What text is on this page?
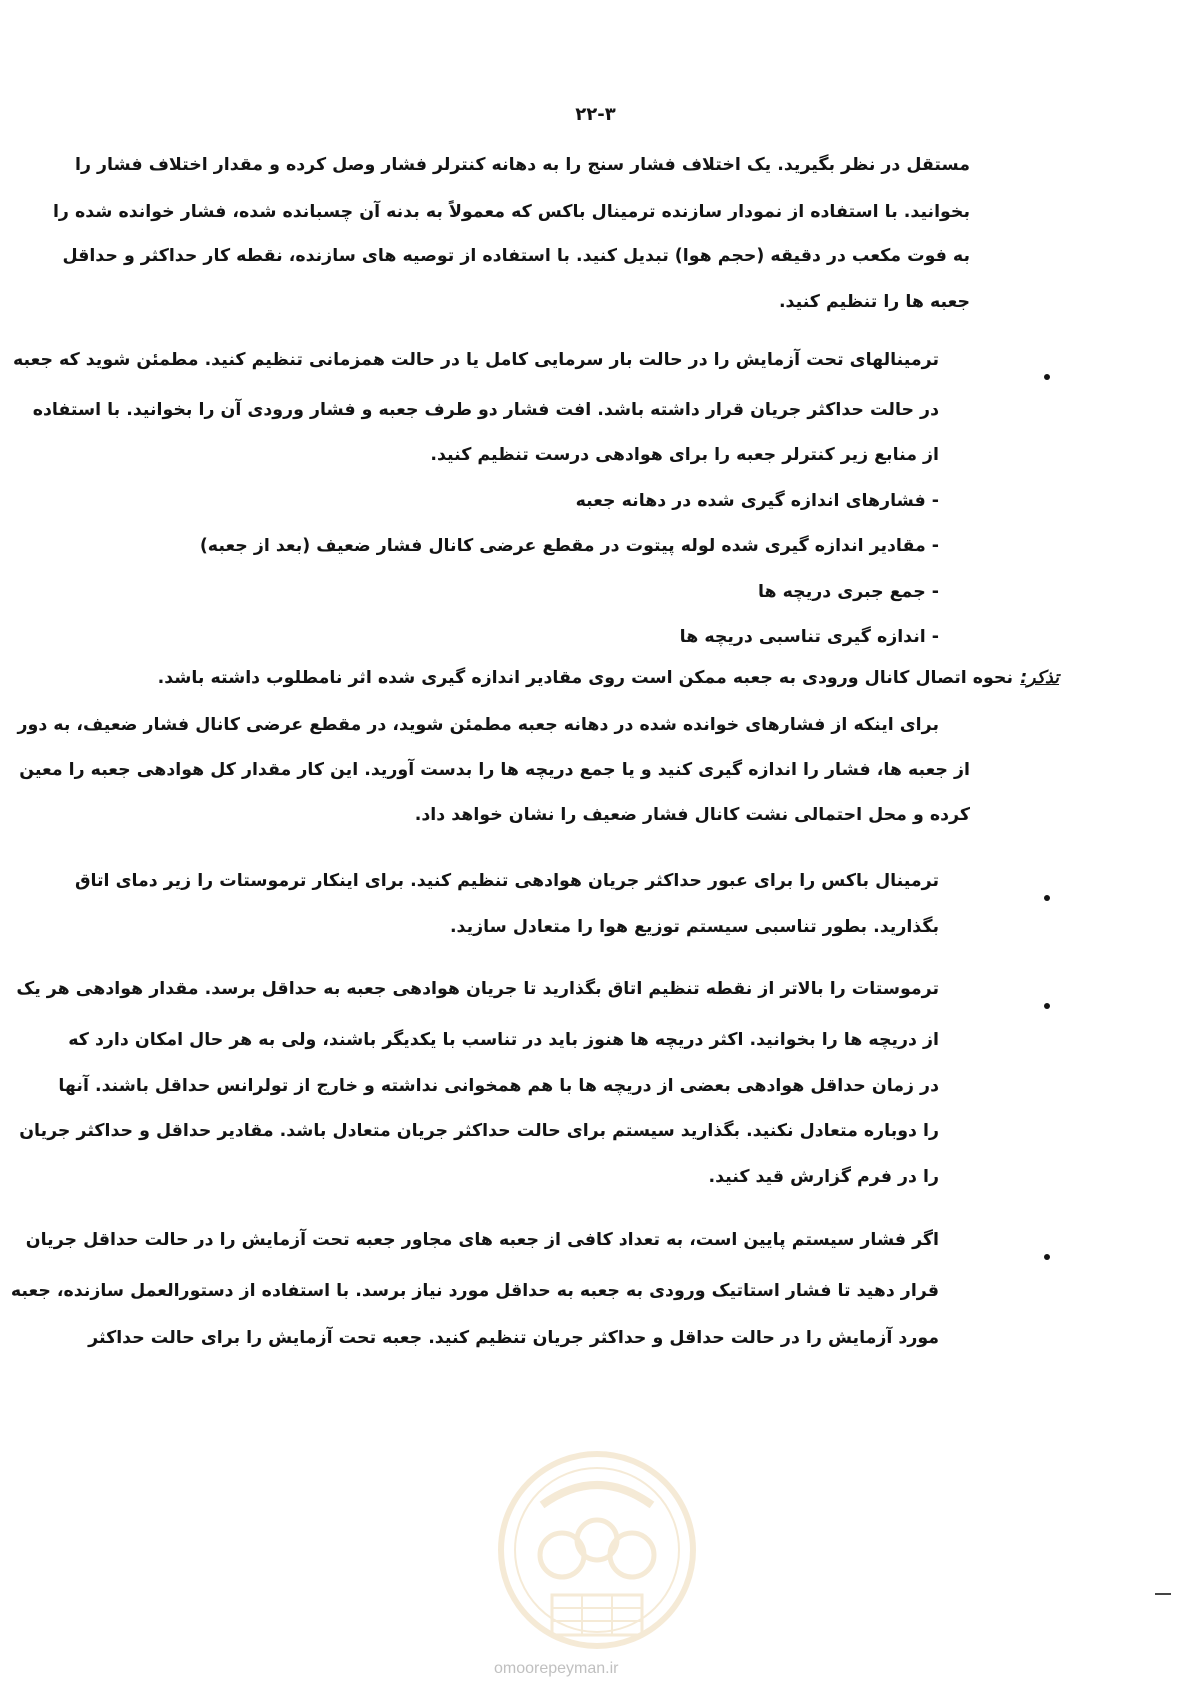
۲۲-۳
مستقل در نظر بگیرید. یک اختلاف فشار سنج را به دهانه کنترلر فشار وصل کرده و مقدار اختلاف فشار را
بخوانید. با استفاده از نمودار سازنده ترمینال باکس که معمولاً به بدنه آن چسبانده شده، فشار خوانده شده را
به فوت مکعب در دقیقه (حجم هوا) تبدیل کنید. با استفاده از توصیه های سازنده، نقطه کار حداکثر و حداقل
جعبه ها را تنظیم کنید.
ترمینالهای تحت آزمایش را در حالت بار سرمایی کامل یا در حالت همزمانی تنظیم کنید. مطمئن شوید که جعبه
در حالت حداکثر جریان قرار داشته باشد. افت فشار دو طرف جعبه و فشار ورودی آن را بخوانید. با استفاده
از منابع زیر کنترلر جعبه را برای هوادهی درست تنظیم کنید.
- فشارهای اندازه گیری شده در دهانه جعبه
- مقادیر اندازه گیری شده لوله پیتوت در مقطع عرضی کانال فشار ضعیف (بعد از جعبه)
- جمع جبری دریچه ها
- اندازه گیری تناسبی دریچه ها
تذکر:
نحوه اتصال کانال ورودی به جعبه ممکن است روی مقادیر اندازه گیری شده اثر نامطلوب داشته باشد.
برای اینکه از فشارهای خوانده شده در دهانه جعبه مطمئن شوید، در مقطع عرضی کانال فشار ضعیف، به دور
از جعبه ها، فشار را اندازه گیری کنید و یا جمع دریچه ها را بدست آورید. این کار مقدار کل هوادهی جعبه را معین
کرده و محل احتمالی نشت کانال فشار ضعیف را نشان خواهد داد.
ترمینال باکس را برای عبور حداکثر جریان هوادهی تنظیم کنید. برای اینکار ترموستات را زیر دمای اتاق
بگذارید. بطور تناسبی سیستم توزیع هوا را متعادل سازید.
ترموستات را بالاتر از نقطه تنظیم اتاق بگذارید تا جریان هوادهی جعبه به حداقل برسد. مقدار هوادهی هر یک
از دریچه ها را بخوانید. اکثر دریچه ها هنوز باید در تناسب با یکدیگر باشند، ولی به هر حال امکان دارد که
در زمان حداقل هوادهی بعضی از دریچه ها با هم همخوانی نداشته و خارج از تولرانس حداقل باشند. آنها
را دوباره متعادل نکنید. بگذارید سیستم برای حالت حداکثر جریان متعادل باشد. مقادیر حداقل و حداکثر جریان
را در فرم گزارش قید کنید.
اگر فشار سیستم پایین است، به تعداد کافی از جعبه های مجاور جعبه تحت آزمایش را در حالت حداقل جریان
قرار دهید تا فشار استاتیک ورودی به جعبه به حداقل مورد نیاز برسد. با استفاده از دستورالعمل سازنده، جعبه
مورد آزمایش را در حالت حداقل و حداکثر جریان تنظیم کنید. جعبه تحت آزمایش را برای حالت حداکثر
omoorepeyman.ir
